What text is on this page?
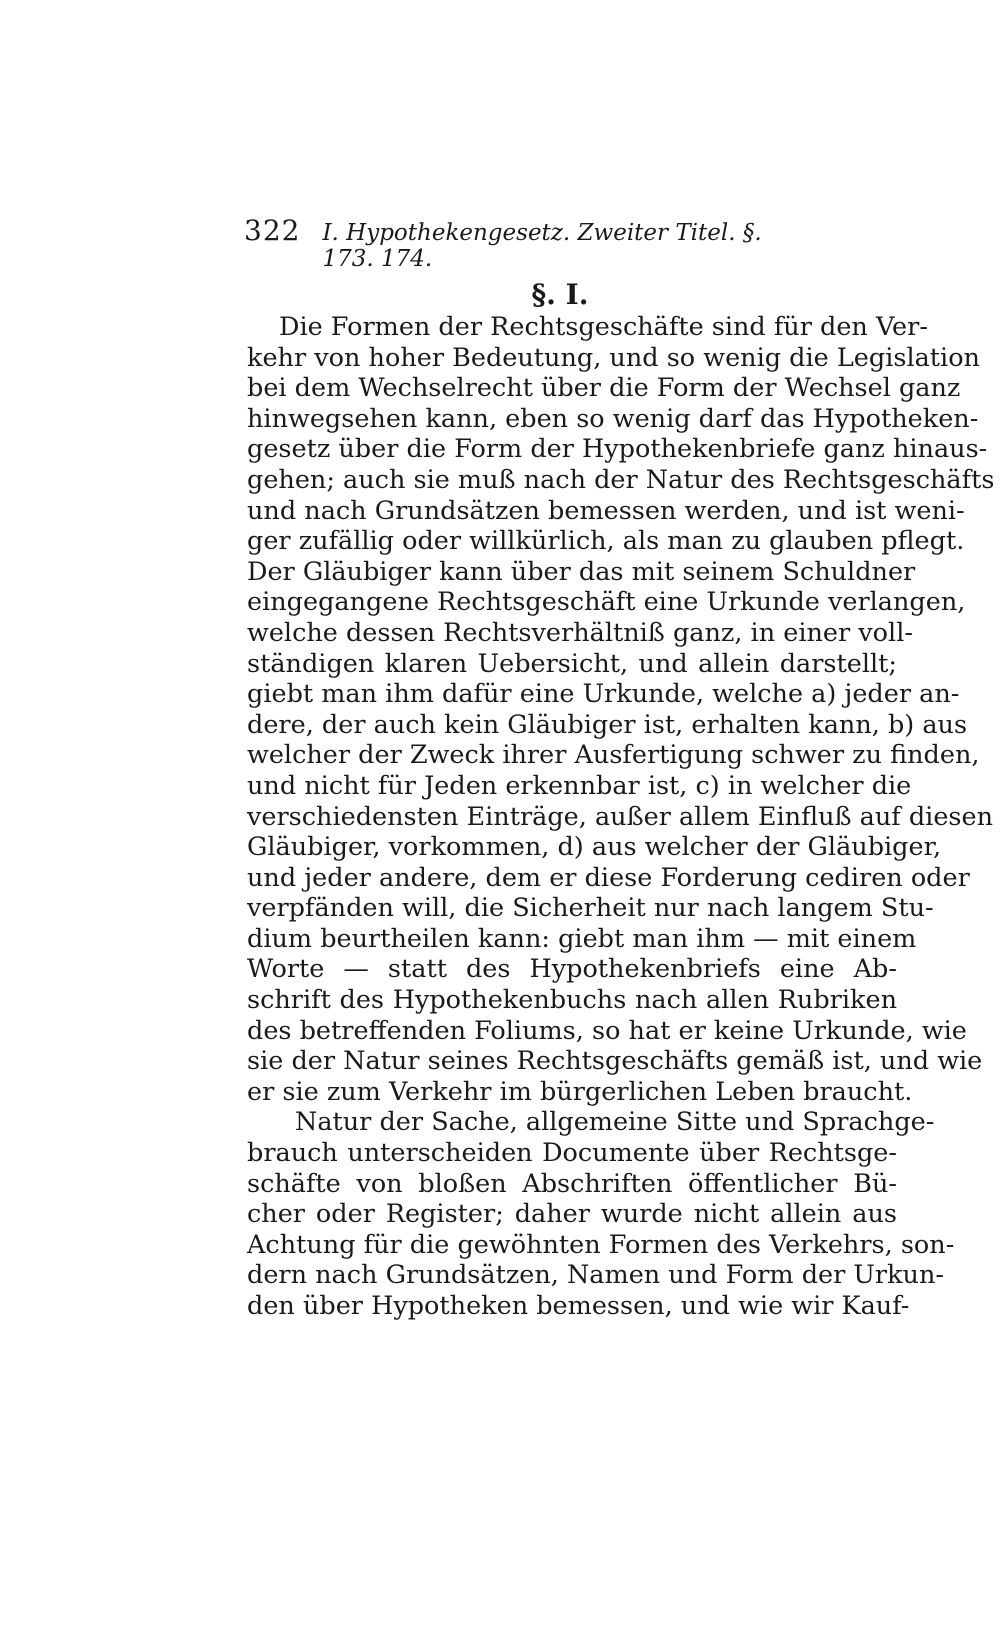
322 I. Hypothekengesetz. Zweiter Titel. §. 173. 174.
§. I.
Die Formen der Rechtsgeschäfte sind für den Ver-
kehr von hoher Bedeutung, und so wenig die Legislation
bei dem Wechselrecht über die Form der Wechsel ganz
hinwegsehen kann, eben so wenig darf das Hypotheken-
gesetz über die Form der Hypothekenbriefe ganz hinaus-
gehen; auch sie muß nach der Natur des Rechtsgeschäfts
und nach Grundsätzen bemessen werden, und ist weni-
ger zufällig oder willkürlich, als man zu glauben pflegt.
Der Gläubiger kann über das mit seinem Schuldner
eingegangene Rechtsgeschäft eine Urkunde verlangen,
welche dessen Rechtsverhältniß ganz, in einer voll-
ständigen klaren Uebersicht, und allein darstellt;
giebt man ihm dafür eine Urkunde, welche a) jeder an-
dere, der auch kein Gläubiger ist, erhalten kann, b) aus
welcher der Zweck ihrer Ausfertigung schwer zu finden,
und nicht für Jeden erkennbar ist, c) in welcher die
verschiedensten Einträge, außer allem Einfluß auf diesen
Gläubiger, vorkommen, d) aus welcher der Gläubiger,
und jeder andere, dem er diese Forderung cediren oder
verpfänden will, die Sicherheit nur nach langem Stu-
dium beurtheilen kann: giebt man ihm — mit einem
Worte — statt des Hypothekenbriefs eine Ab-
schrift des Hypothekenbuchs nach allen Rubriken
des betreffenden Foliums, so hat er keine Urkunde, wie
sie der Natur seines Rechtsgeschäfts gemäß ist, und wie
er sie zum Verkehr im bürgerlichen Leben braucht.
Natur der Sache, allgemeine Sitte und Sprachge-
brauch unterscheiden Documente über Rechtsge-
schäfte von bloßen Abschriften öffentlicher Bü-
cher oder Register; daher wurde nicht allein aus
Achtung für die gewöhnten Formen des Verkehrs, son-
dern nach Grundsätzen, Namen und Form der Urkun-
den über Hypotheken bemessen, und wie wir Kauf-
